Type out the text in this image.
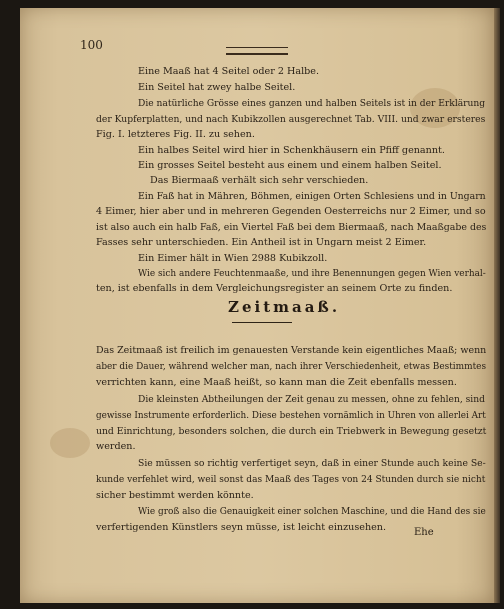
100
Eine Maaß hat 4 Seitel oder 2 Halbe.
Ein Seitel hat zwey halbe Seitel.
Die natürliche Grösse eines ganzen und halben Seitels ist in der Erklärung
der Kupferplatten, und nach Kubikzollen ausgerechnet Tab. VIII. und zwar ersteres
Fig. I. letzteres Fig. II. zu sehen.
Ein halbes Seitel wird hier in Schenkhäusern ein Pfiff genannt.
Ein grosses Seitel besteht aus einem und einem halben Seitel.
Das Biermaaß verhält sich sehr verschieden.
Ein Faß hat in Mähren, Böhmen, einigen Orten Schlesiens und in Ungarn
4 Eimer, hier aber und in mehreren Gegenden Oesterreichs nur 2 Eimer, und so
ist also auch ein halb Faß, ein Viertel Faß bei dem Biermaaß, nach Maaßgabe des
Fasses sehr unterschieden. Ein Antheil ist in Ungarn meist 2 Eimer.
Ein Eimer hält in Wien 2988 Kubikzoll.
Wie sich andere Feuchtenmaaße, und ihre Benennungen gegen Wien verhal-
ten, ist ebenfalls in dem Vergleichungsregister an seinem Orte zu finden.
Zeitmaaß.
Das Zeitmaaß ist freilich im genauesten Verstande kein eigentliches Maaß; wenn
aber die Dauer, während welcher man, nach ihrer Verschiedenheit, etwas Bestimmtes
verrichten kann, eine Maaß heißt, so kann man die Zeit ebenfalls messen.
Die kleinsten Abtheilungen der Zeit genau zu messen, ohne zu fehlen, sind
gewisse Instrumente erforderlich. Diese bestehen vornämlich in Uhren von allerlei Art
und Einrichtung, besonders solchen, die durch ein Triebwerk in Bewegung gesetzt
werden.
Sie müssen so richtig verfertiget seyn, daß in einer Stunde auch keine Se-
kunde verfehlet wird, weil sonst das Maaß des Tages von 24 Stunden durch sie nicht
sicher bestimmt werden könnte.
Wie groß also die Genauigkeit einer solchen Maschine, und die Hand des sie
verfertigenden Künstlers seyn müsse, ist leicht einzusehen.	Ehe
